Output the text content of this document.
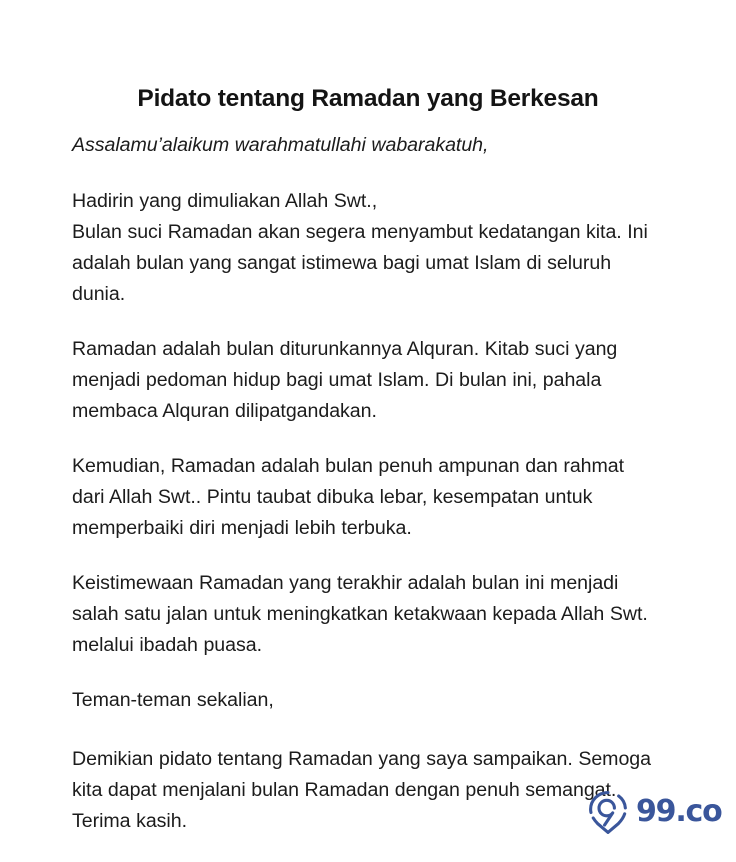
Pidato tentang Ramadan yang Berkesan

Assalamu’alaikum warahmatullahi wabarakatuh,

Hadirin yang dimuliakan Allah Swt.,
Bulan suci Ramadan akan segera menyambut kedatangan kita. Ini adalah bulan yang sangat istimewa bagi umat Islam di seluruh dunia.

Ramadan adalah bulan diturunkannya Alquran. Kitab suci yang menjadi pedoman hidup bagi umat Islam. Di bulan ini, pahala membaca Alquran dilipatgandakan.

Kemudian, Ramadan adalah bulan penuh ampunan dan rahmat dari Allah Swt.. Pintu taubat dibuka lebar, kesempatan untuk memperbaiki diri menjadi lebih terbuka.

Keistimewaan Ramadan yang terakhir adalah bulan ini menjadi salah satu jalan untuk meningkatkan ketakwaan kepada Allah Swt. melalui ibadah puasa.

Teman-teman sekalian,

Demikian pidato tentang Ramadan yang saya sampaikan. Semoga kita dapat menjalani bulan Ramadan dengan penuh semangat. Terima kasih.	99.co
